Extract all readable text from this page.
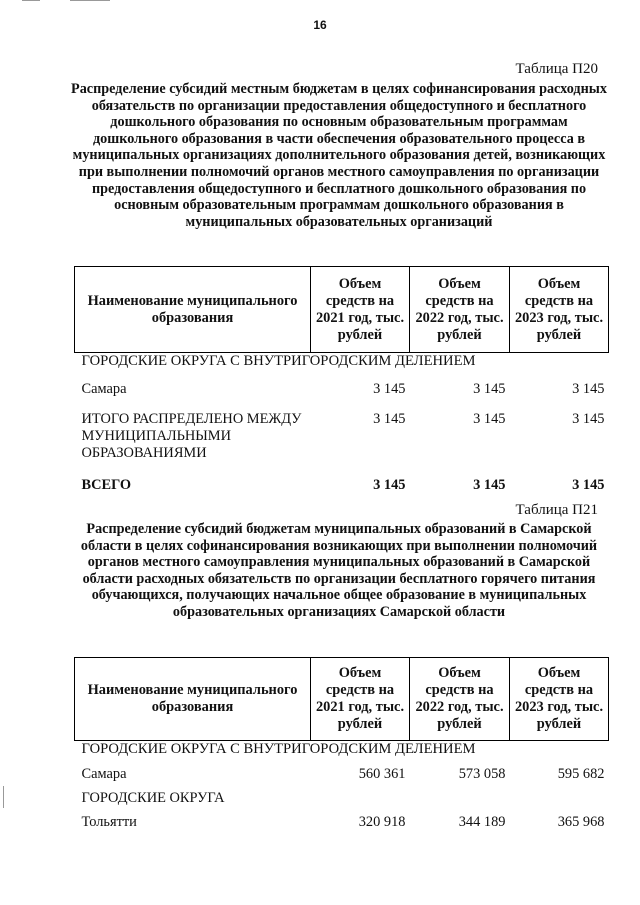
16
Таблица П20
Распределение субсидий местным бюджетам в целях софинансирования расходных обязательств по организации предоставления общедоступного и бесплатного дошкольного образования по основным образовательным программам дошкольного образования в части обеспечения образовательного процесса в муниципальных организациях дополнительного образования детей, возникающих при выполнении полномочий органов местного самоуправления по организации предоставления общедоступного и бесплатного дошкольного образования по основным образовательным программам дошкольного образования в муниципальных образовательных организаций
Наименование муниципального образования	Объем средств на 2021 год, тыс. рублей	Объем средств на 2022 год, тыс. рублей	Объем средств на 2023 год, тыс. рублей
ГОРОДСКИЕ ОКРУГА С ВНУТРИГОРОДСКИМ ДЕЛЕНИЕМ			
Самара	3 145	3 145	3 145
ИТОГО РАСПРЕДЕЛЕНО МЕЖДУ МУНИЦИПАЛЬНЫМИ ОБРАЗОВАНИЯМИ	3 145	3 145	3 145
ВСЕГО	3 145	3 145	3 145
Таблица П21
Распределение субсидий бюджетам муниципальных образований в Самарской области в целях софинансирования возникающих при выполнении полномочий органов местного самоуправления муниципальных образований в Самарской области расходных обязательств по организации бесплатного горячего питания обучающихся, получающих начальное общее образование в муниципальных образовательных организациях Самарской области
Наименование муниципального образования	Объем средств на 2021 год, тыс. рублей	Объем средств на 2022 год, тыс. рублей	Объем средств на 2023 год, тыс. рублей
ГОРОДСКИЕ ОКРУГА С ВНУТРИГОРОДСКИМ ДЕЛЕНИЕМ			
Самара	560 361	573 058	595 682
ГОРОДСКИЕ ОКРУГА			
Тольятти	320 918	344 189	365 968
